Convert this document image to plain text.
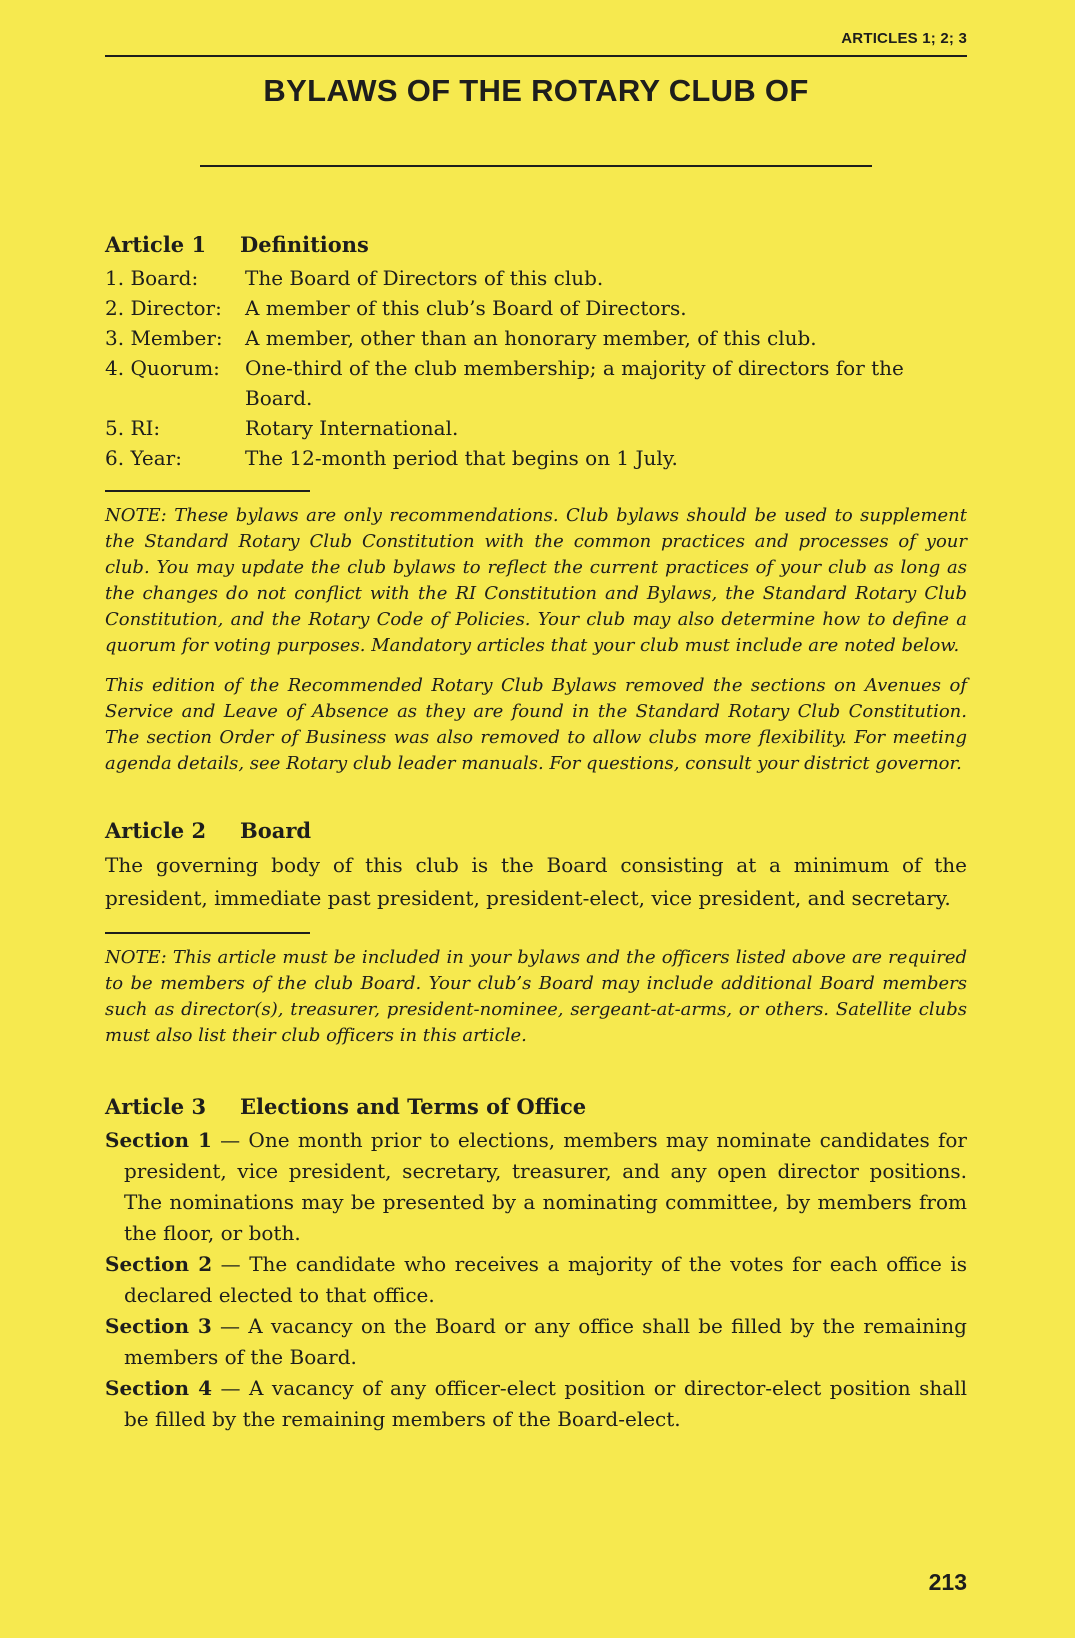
ARTICLES 1; 2; 3
BYLAWS OF THE ROTARY CLUB OF
Article 1 Definitions
1. Board:	The Board of Directors of this club.
2. Director:	A member of this club’s Board of Directors.
3. Member:	A member, other than an honorary member, of this club.
4. Quorum:	One-third of the club membership; a majority of directors for the Board.
5. RI:	Rotary International.
6. Year:	The 12-month period that begins on 1 July.

NOTE: These bylaws are only recommendations. Club bylaws should be used to supplement the Standard Rotary Club Constitution with the common practices and processes of your club. You may update the club bylaws to reflect the current practices of your club as long as the changes do not conflict with the RI Constitution and Bylaws, the Standard Rotary Club Constitution, and the Rotary Code of Policies. Your club may also determine how to define a quorum for voting purposes. Mandatory articles that your club must include are noted below.

This edition of the Recommended Rotary Club Bylaws removed the sections on Avenues of Service and Leave of Absence as they are found in the Standard Rotary Club Constitution. The section Order of Business was also removed to allow clubs more flexibility. For meeting agenda details, see Rotary club leader manuals. For questions, consult your district governor.

Article 2 Board

The governing body of this club is the Board consisting at a minimum of the president, immediate past president, president-elect, vice president, and secretary.

NOTE: This article must be included in your bylaws and the officers listed above are required to be members of the club Board. Your club’s Board may include additional Board members such as director(s), treasurer, president-nominee, sergeant-at-arms, or others. Satellite clubs must also list their club officers in this article.

Article 3 Elections and Terms of Office

Section 1 — One month prior to elections, members may nominate candidates for president, vice president, secretary, treasurer, and any open director positions. The nominations may be presented by a nominating committee, by members from the floor, or both.

Section 2 — The candidate who receives a majority of the votes for each office is declared elected to that office.

Section 3 — A vacancy on the Board or any office shall be filled by the remaining members of the Board.

Section 4 — A vacancy of any officer-elect position or director-elect position shall be filled by the remaining members of the Board-elect.

213
